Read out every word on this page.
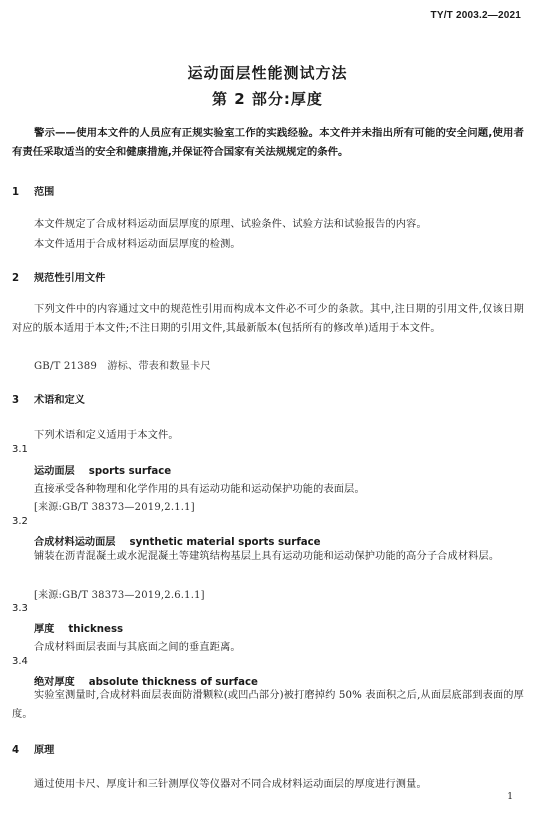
TY/T 2003.2—2021
运动面层性能测试方法
第 2 部分:厚度
警示——使用本文件的人员应有正规实验室工作的实践经验。本文件并未指出所有可能的安全问题,使用者有责任采取适当的安全和健康措施,并保证符合国家有关法规规定的条件。
1 范围
本文件规定了合成材料运动面层厚度的原理、试验条件、试验方法和试验报告的内容。
本文件适用于合成材料运动面层厚度的检测。
2 规范性引用文件
下列文件中的内容通过文中的规范性引用而构成本文件必不可少的条款。其中,注日期的引用文件,仅该日期对应的版本适用于本文件;不注日期的引用文件,其最新版本(包括所有的修改单)适用于本文件。
GB/T 21389　游标、带表和数显卡尺
3 术语和定义
下列术语和定义适用于本文件。
3.1
运动面层 sports surface
直接承受各种物理和化学作用的具有运动功能和运动保护功能的表面层。
[来源:GB/T 38373—2019,2.1.1]
3.2
合成材料运动面层 synthetic material sports surface
铺装在沥青混凝土或水泥混凝土等建筑结构基层上具有运动功能和运动保护功能的高分子合成材料层。
[来源:GB/T 38373—2019,2.6.1.1]
3.3
厚度 thickness
合成材料面层表面与其底面之间的垂直距离。
3.4
绝对厚度 absolute thickness of surface
实验室测量时,合成材料面层表面防滑颗粒(或凹凸部分)被打磨掉约 50% 表面积之后,从面层底部到表面的厚度。
4 原理
通过使用卡尺、厚度计和三针测厚仪等仪器对不同合成材料运动面层的厚度进行测量。
1
